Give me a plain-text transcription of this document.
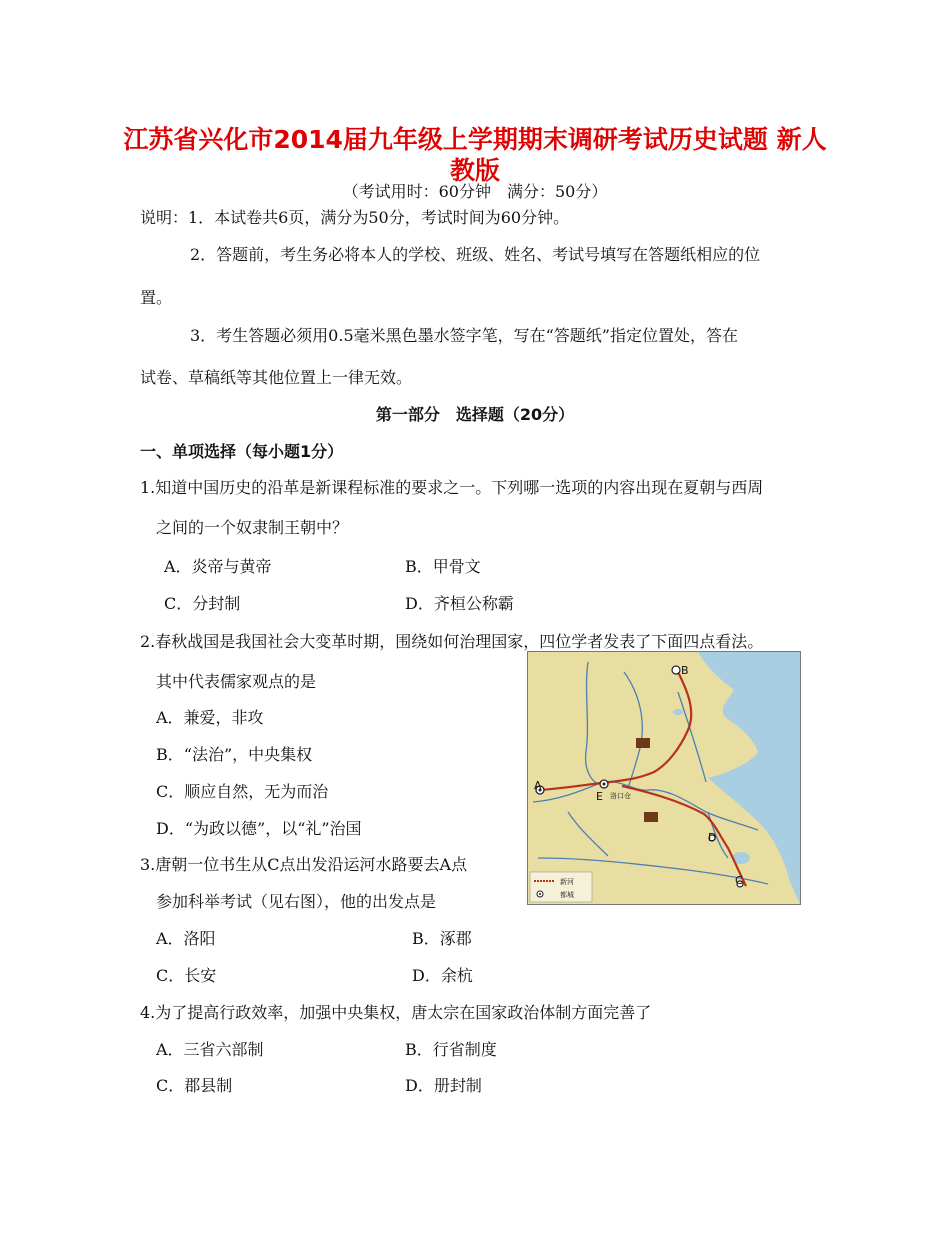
江苏省兴化市2014届九年级上学期期末调研考试历史试题 新人教版
（考试用时：60分钟　满分：50分）
说明：1．本试卷共6页，满分为50分，考试时间为60分钟。
2．答题前，考生务必将本人的学校、班级、姓名、考试号填写在答题纸相应的位
置。
3．考生答题必须用0.5毫米黑色墨水签字笔，写在“答题纸”指定位置处，答在
试卷、草稿纸等其他位置上一律无效。
第一部分　选择题（20分）
一、单项选择（每小题1分）
1.知道中国历史的沿革是新课程标准的要求之一。下列哪一选项的内容出现在夏朝与西周
之间的一个奴隶制王朝中？
A．炎帝与黄帝	B．甲骨文
C．分封制	D．齐桓公称霸
2.春秋战国是我国社会大变革时期，围绕如何治理国家，四位学者发表了下面四点看法。
其中代表儒家观点的是
A．兼爱，非攻
B．“法治”，中央集权
C．顺应自然，无为而治
D．“为政以德”，以“礼”治国
3.唐朝一位书生从C点出发沿运河水路要去A点
参加科举考试（见右图），他的出发点是
A．洛阳	B．涿郡
C．长安	D．余杭
4.为了提高行政效率，加强中央集权，唐太宗在国家政治体制方面完善了
A．三省六部制	B．行省制度
C．郡县制	D．册封制
A
B
C
D
E 洛口仓
新河
都城
